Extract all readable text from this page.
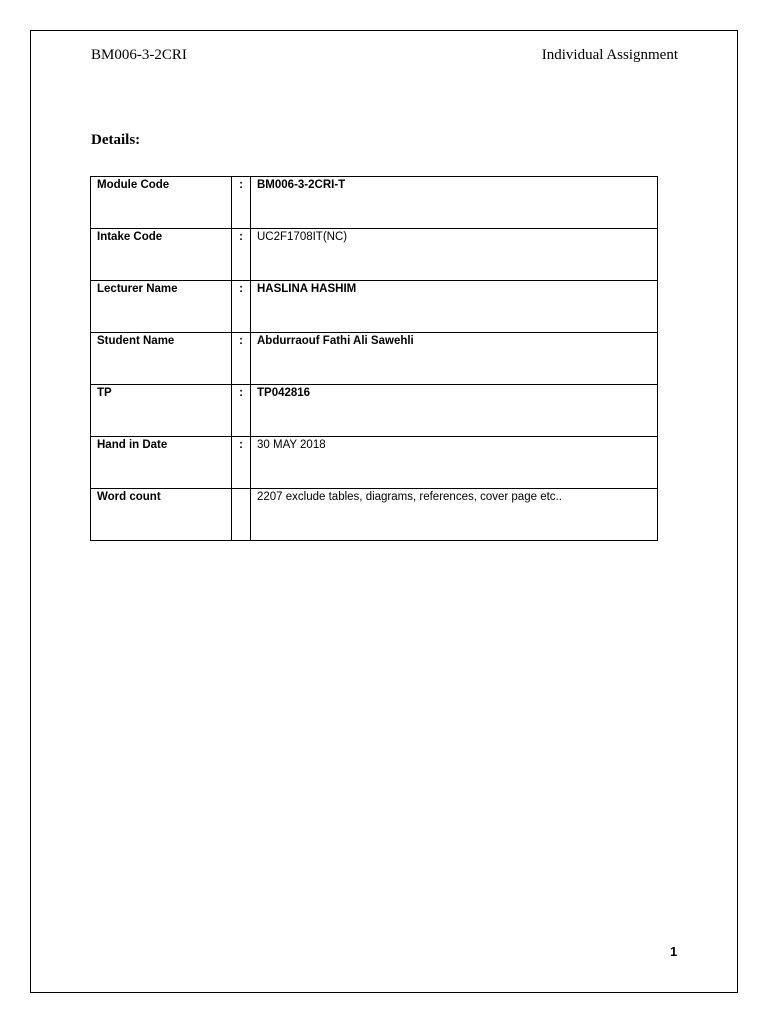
BM006-3-2CRI	Individual Assignment
Details:
Module Code	:	BM006-3-2CRI-T
Intake Code	:	UC2F1708IT(NC)
Lecturer Name	:	HASLINA HASHIM
Student Name	:	Abdurraouf Fathi Ali Sawehli
TP	:	TP042816
Hand in Date	:	30 MAY 2018
Word count		2207 exclude tables, diagrams, references, cover page etc..
1
